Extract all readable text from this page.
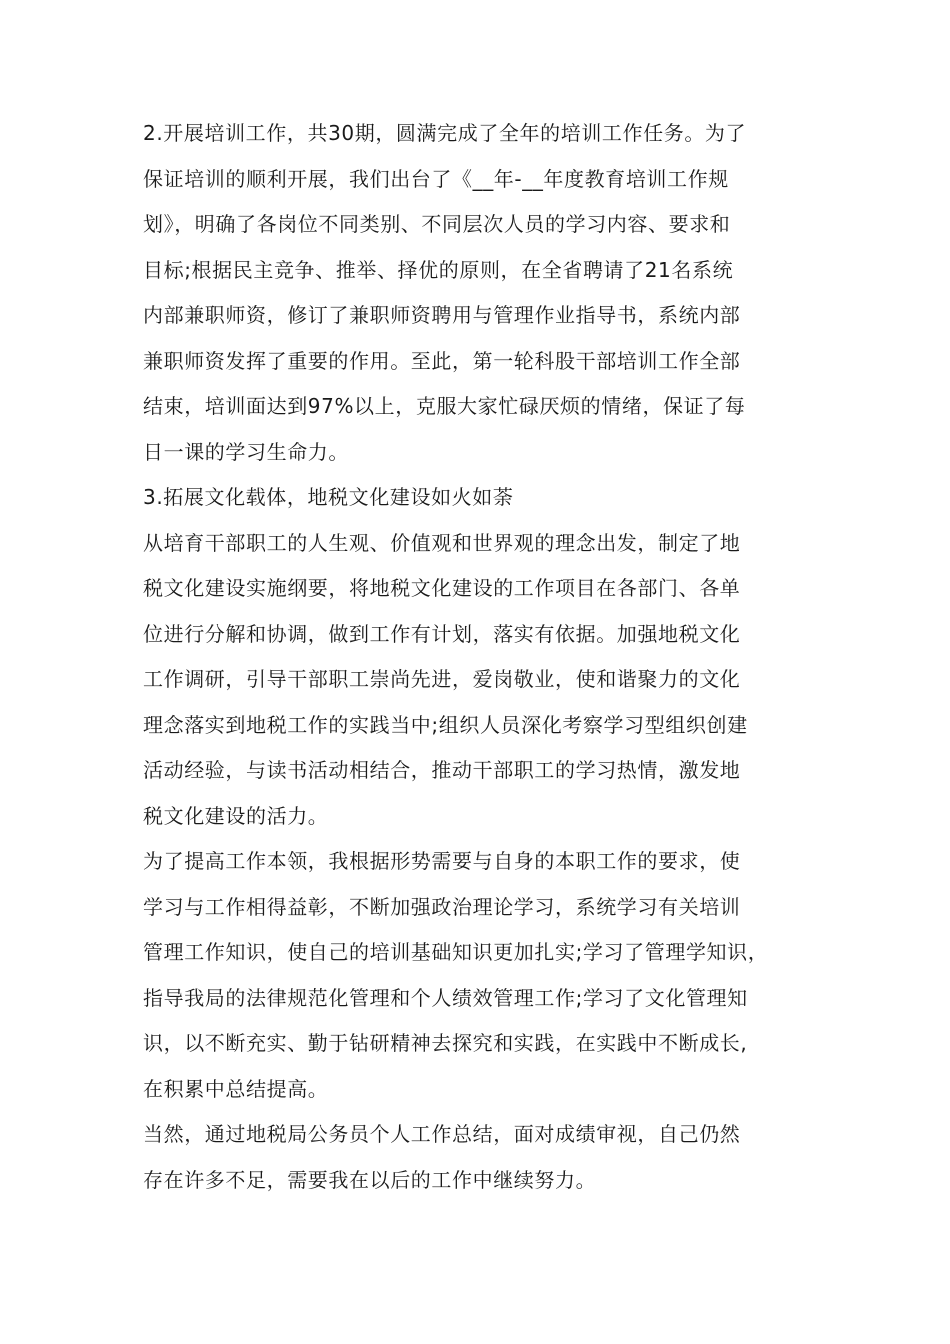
2.开展培训工作，共30期，圆满完成了全年的培训工作任务。为了
保证培训的顺利开展，我们出台了《__年-__年度教育培训工作规
划》，明确了各岗位不同类别、不同层次人员的学习内容、要求和
目标;根据民主竞争、推举、择优的原则，在全省聘请了21名系统
内部兼职师资，修订了兼职师资聘用与管理作业指导书，系统内部
兼职师资发挥了重要的作用。至此，第一轮科股干部培训工作全部
结束，培训面达到97%以上，克服大家忙碌厌烦的情绪，保证了每
日一课的学习生命力。

3.拓展文化载体，地税文化建设如火如荼

从培育干部职工的人生观、价值观和世界观的理念出发，制定了地
税文化建设实施纲要，将地税文化建设的工作项目在各部门、各单
位进行分解和协调，做到工作有计划，落实有依据。加强地税文化
工作调研，引导干部职工崇尚先进，爱岗敬业，使和谐聚力的文化
理念落实到地税工作的实践当中;组织人员深化考察学习型组织创建
活动经验，与读书活动相结合，推动干部职工的学习热情，激发地
税文化建设的活力。

为了提高工作本领，我根据形势需要与自身的本职工作的要求，使
学习与工作相得益彰，不断加强政治理论学习，系统学习有关培训
管理工作知识，使自己的培训基础知识更加扎实;学习了管理学知识，
指导我局的法律规范化管理和个人绩效管理工作;学习了文化管理知
识，以不断充实、勤于钻研精神去探究和实践，在实践中不断成长,
在积累中总结提高。

当然，通过地税局公务员个人工作总结，面对成绩审视，自己仍然
存在许多不足，需要我在以后的工作中继续努力。
